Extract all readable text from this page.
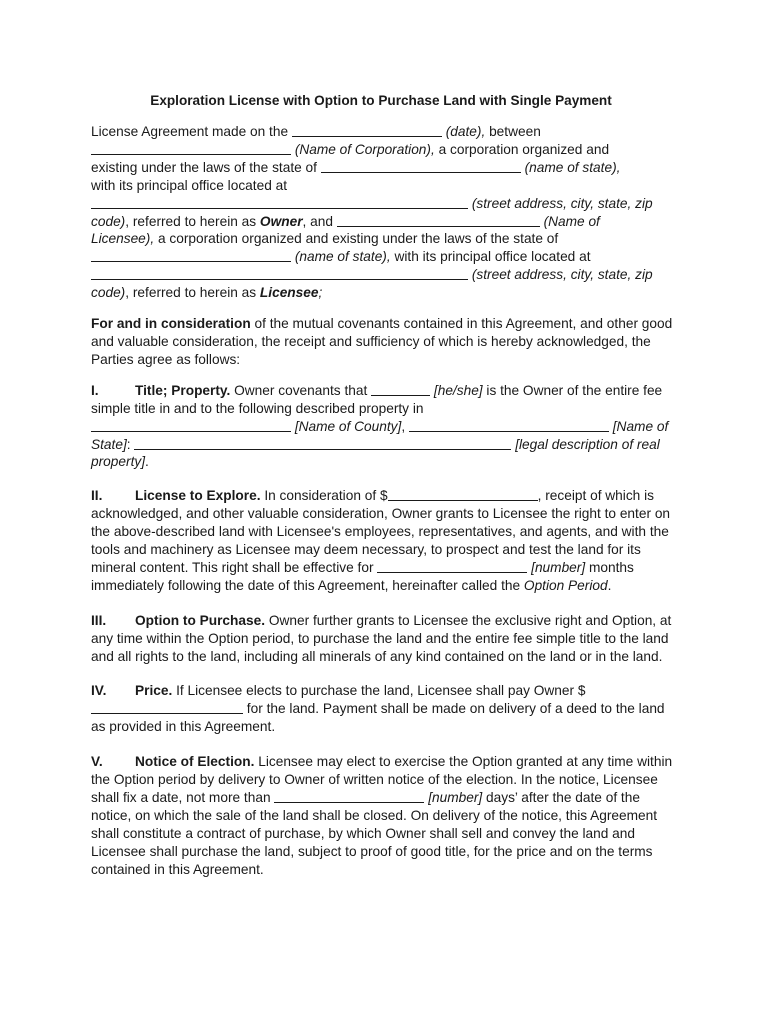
Exploration License with Option to Purchase Land with Single Payment

License Agreement made on the	(date), between
(Name of Corporation), a corporation organized and
existing under the laws of the state of	(name of state),
with its principal office located at
(street address, city, state, zip
code), referred to herein as Owner, and	(Name of
Licensee), a corporation organized and existing under the laws of the state of
(name of state), with its principal office located at
(street address, city, state, zip
code), referred to herein as Licensee;

For and in consideration of the mutual covenants contained in this Agreement, and other good and valuable consideration, the receipt and sufficiency of which is hereby acknowledged, the Parties agree as follows:

I.	Title; Property. Owner covenants that	[he/she] is the Owner of the entire fee simple title in and to the following described property in
[Name of County],	[Name of State]:	[legal description of real property].

II. License to Explore. In consideration of $	, receipt of which is acknowledged, and other valuable consideration, Owner grants to Licensee the right to enter on the above-described land with Licensee's employees, representatives, and agents, and with the tools and machinery as Licensee may deem necessary, to prospect and test the land for its mineral content. This right shall be effective for	[number] months immediately following the date of this Agreement, hereinafter called the Option Period.

III. Option to Purchase. Owner further grants to Licensee the exclusive right and Option, at any time within the Option period, to purchase the land and the entire fee simple title to the land and all rights to the land, including all minerals of any kind contained on the land or in the land.

IV. Price. If Licensee elects to purchase the land, Licensee shall pay Owner $ for the land. Payment shall be made on delivery of a deed to the land as provided in this Agreement.

V. Notice of Election. Licensee may elect to exercise the Option granted at any time within the Option period by delivery to Owner of written notice of the election. In the notice, Licensee shall fix a date, not more than	[number] days’ after the date of the notice, on which the sale of the land shall be closed. On delivery of the notice, this Agreement shall constitute a contract of purchase, by which Owner shall sell and convey the land and Licensee shall purchase the land, subject to proof of good title, for the price and on the terms contained in this Agreement.
